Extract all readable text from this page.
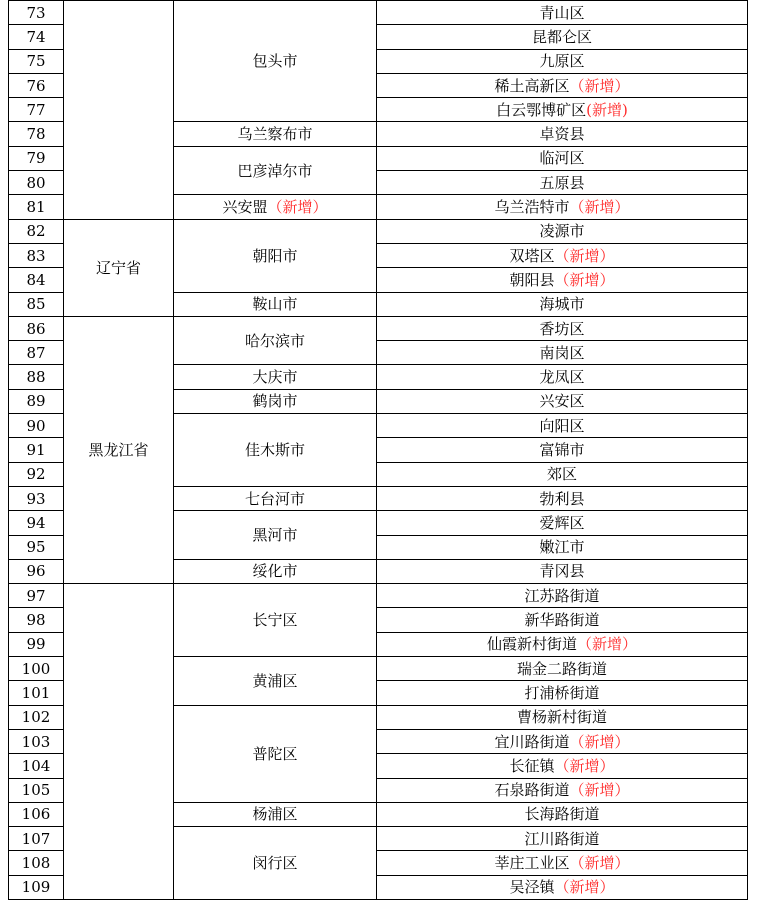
73		包头市	青山区
74			昆都仑区
75			九原区
76			稀土高新区（新增）
77			白云鄂博矿区(新增)
78		乌兰察布市	卓资县
79		巴彦淖尔市	临河区
80			五原县
81		兴安盟（新增）	乌兰浩特市（新增）
82	辽宁省	朝阳市	凌源市
83			双塔区（新增）
84			朝阳县（新增）
85		鞍山市	海城市
86	黑龙江省	哈尔滨市	香坊区
87			南岗区
88		大庆市	龙凤区
89		鹤岗市	兴安区
90		佳木斯市	向阳区
91			富锦市
92			郊区
93		七台河市	勃利县
94		黑河市	爱辉区
95			嫩江市
96		绥化市	青冈县
97		长宁区	江苏路街道
98			新华路街道
99			仙霞新村街道（新增）
100		黄浦区	瑞金二路街道
101			打浦桥街道
102		普陀区	曹杨新村街道
103			宜川路街道（新增）
104			长征镇（新增）
105			石泉路街道（新增）
106		杨浦区	长海路街道
107		闵行区	江川路街道
108			莘庄工业区（新增）
109			吴泾镇（新增）
